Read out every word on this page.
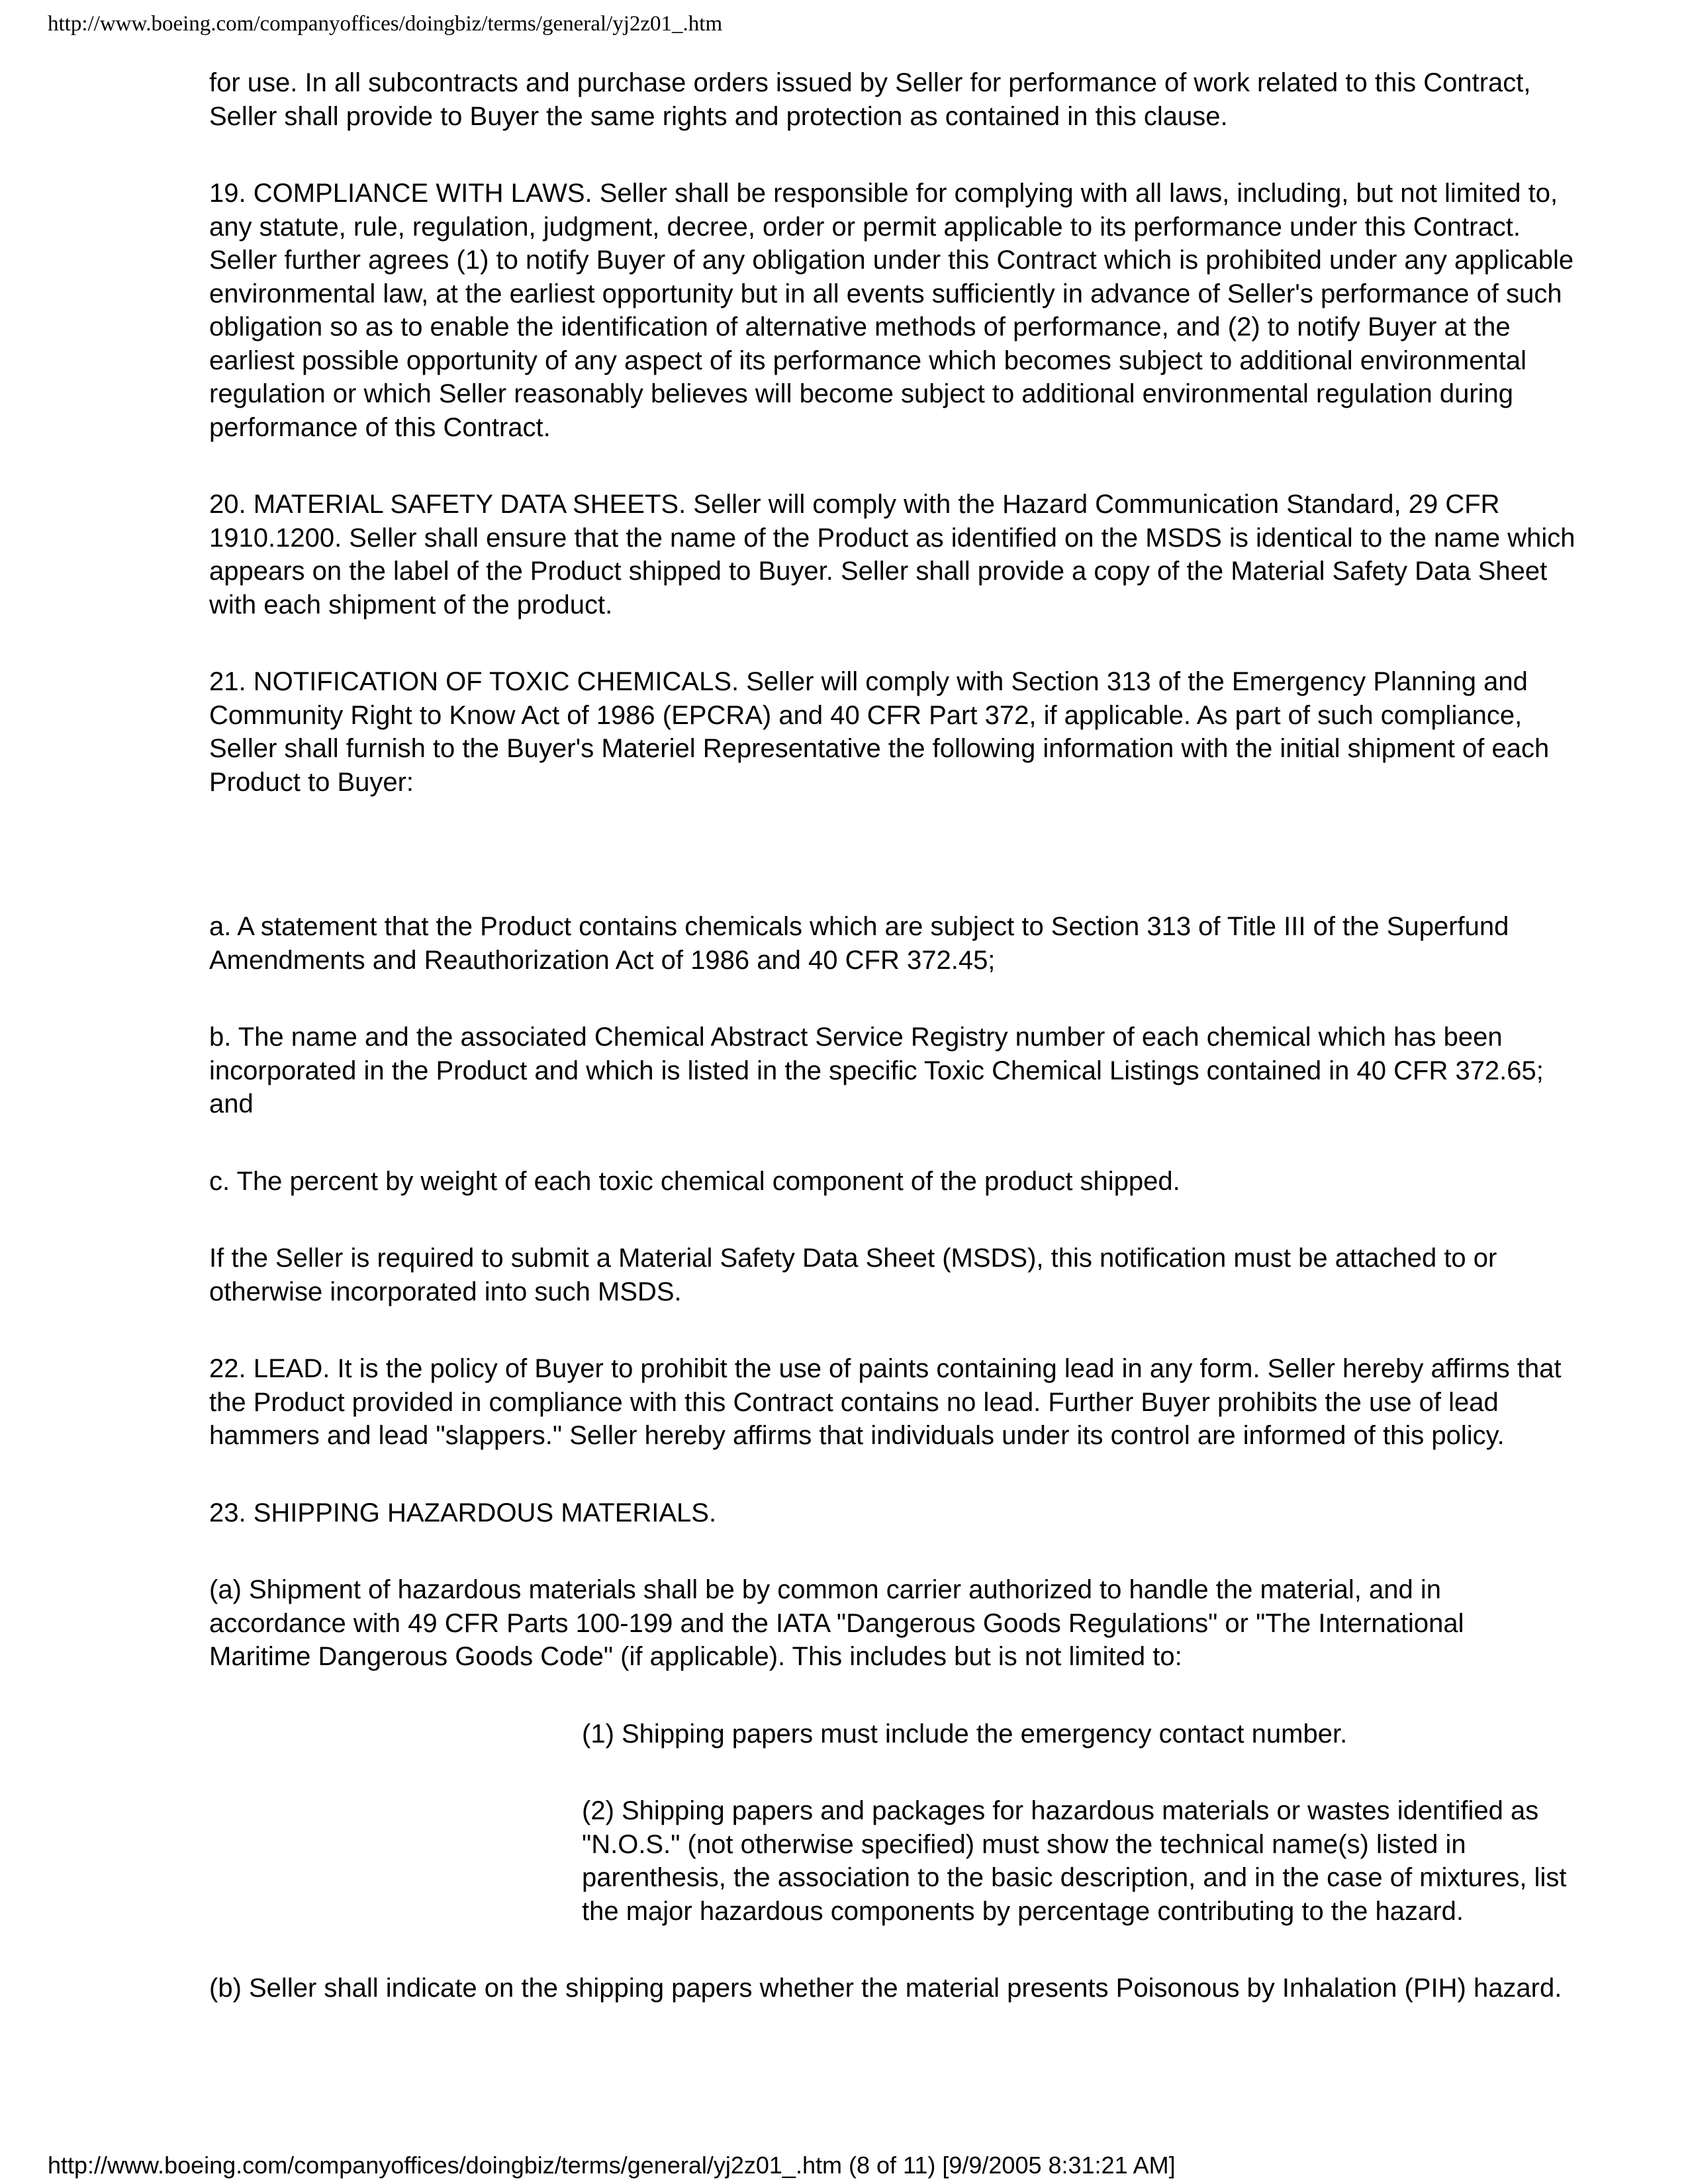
http://www.boeing.com/companyoffices/doingbiz/terms/general/yj2z01_.htm

for use. In all subcontracts and purchase orders issued by Seller for performance of work related to this Contract,
Seller shall provide to Buyer the same rights and protection as contained in this clause.

19. COMPLIANCE WITH LAWS. Seller shall be responsible for complying with all laws, including, but not limited to,
any statute, rule, regulation, judgment, decree, order or permit applicable to its performance under this Contract.
Seller further agrees (1) to notify Buyer of any obligation under this Contract which is prohibited under any applicable
environmental law, at the earliest opportunity but in all events sufficiently in advance of Seller's performance of such
obligation so as to enable the identification of alternative methods of performance, and (2) to notify Buyer at the
earliest possible opportunity of any aspect of its performance which becomes subject to additional environmental
regulation or which Seller reasonably believes will become subject to additional environmental regulation during
performance of this Contract.

20. MATERIAL SAFETY DATA SHEETS. Seller will comply with the Hazard Communication Standard, 29 CFR
1910.1200. Seller shall ensure that the name of the Product as identified on the MSDS is identical to the name which
appears on the label of the Product shipped to Buyer. Seller shall provide a copy of the Material Safety Data Sheet
with each shipment of the product.

21. NOTIFICATION OF TOXIC CHEMICALS. Seller will comply with Section 313 of the Emergency Planning and
Community Right to Know Act of 1986 (EPCRA) and 40 CFR Part 372, if applicable. As part of such compliance,
Seller shall furnish to the Buyer's Materiel Representative the following information with the initial shipment of each
Product to Buyer:

a. A statement that the Product contains chemicals which are subject to Section 313 of Title III of the Superfund
Amendments and Reauthorization Act of 1986 and 40 CFR 372.45;

b. The name and the associated Chemical Abstract Service Registry number of each chemical which has been
incorporated in the Product and which is listed in the specific Toxic Chemical Listings contained in 40 CFR 372.65;
and

c. The percent by weight of each toxic chemical component of the product shipped.

If the Seller is required to submit a Material Safety Data Sheet (MSDS), this notification must be attached to or
otherwise incorporated into such MSDS.

22. LEAD. It is the policy of Buyer to prohibit the use of paints containing lead in any form. Seller hereby affirms that
the Product provided in compliance with this Contract contains no lead. Further Buyer prohibits the use of lead
hammers and lead "slappers." Seller hereby affirms that individuals under its control are informed of this policy.

23. SHIPPING HAZARDOUS MATERIALS.

(a) Shipment of hazardous materials shall be by common carrier authorized to handle the material, and in
accordance with 49 CFR Parts 100-199 and the IATA "Dangerous Goods Regulations" or "The International
Maritime Dangerous Goods Code" (if applicable). This includes but is not limited to:

(1) Shipping papers must include the emergency contact number.

(2) Shipping papers and packages for hazardous materials or wastes identified as
"N.O.S." (not otherwise specified) must show the technical name(s) listed in
parenthesis, the association to the basic description, and in the case of mixtures, list
the major hazardous components by percentage contributing to the hazard.

(b) Seller shall indicate on the shipping papers whether the material presents Poisonous by Inhalation (PIH) hazard.

http://www.boeing.com/companyoffices/doingbiz/terms/general/yj2z01_.htm (8 of 11) [9/9/2005 8:31:21 AM]
